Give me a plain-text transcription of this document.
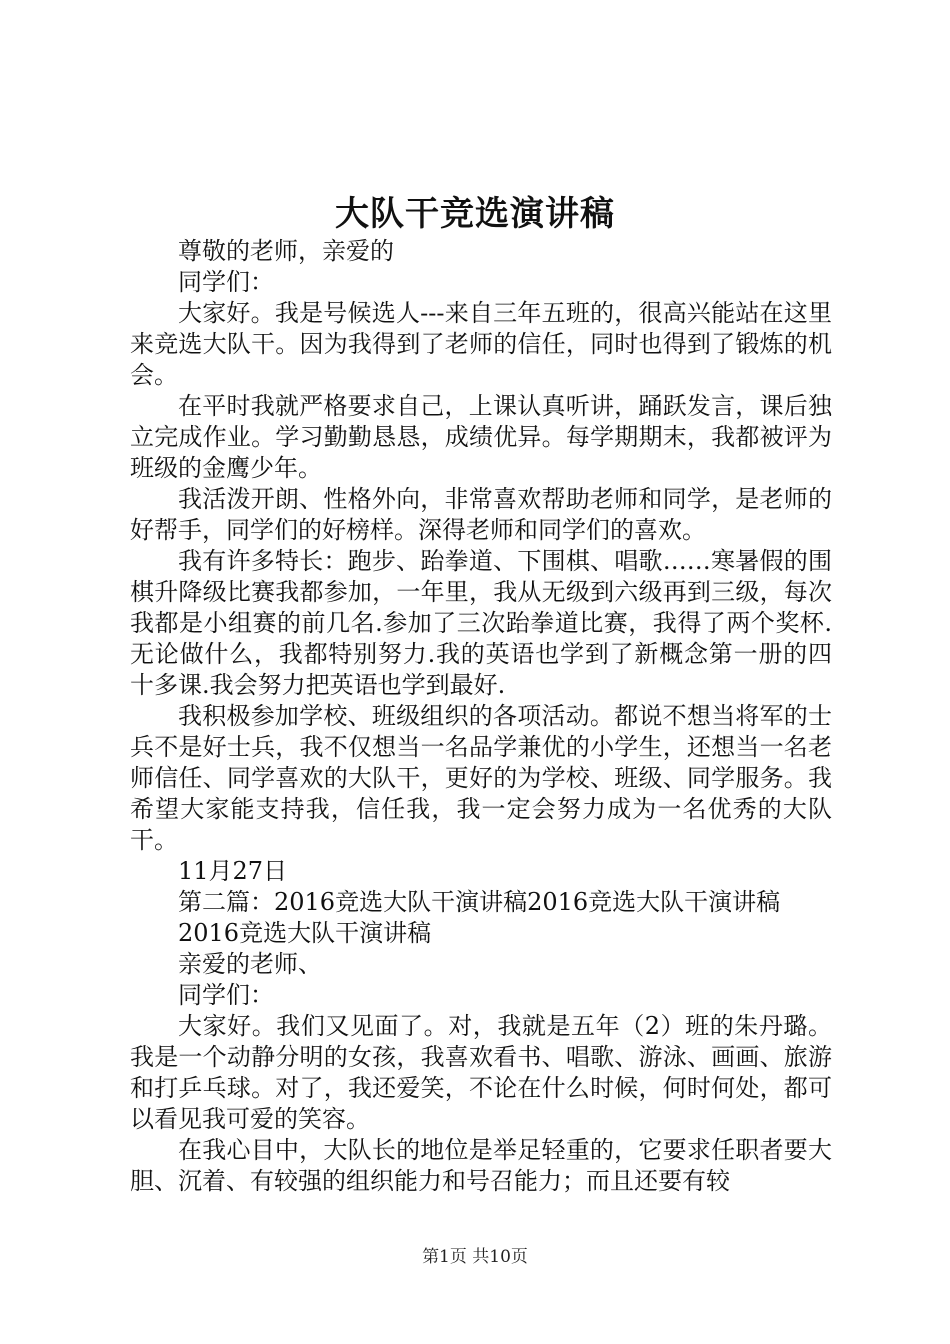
大队干竞选演讲稿

尊敬的老师，亲爱的

同学们：

大家好。我是号候选人---来自三年五班的，很高兴能站在这里来竞选大队干。因为我得到了老师的信任，同时也得到了锻炼的机会。

在平时我就严格要求自己，上课认真听讲，踊跃发言，课后独立完成作业。学习勤勤恳恳，成绩优异。每学期期末，我都被评为班级的金鹰少年。

我活泼开朗、性格外向，非常喜欢帮助老师和同学，是老师的好帮手，同学们的好榜样。深得老师和同学们的喜欢。

我有许多特长：跑步、跆拳道、下围棋、唱歌……寒暑假的围棋升降级比赛我都参加，一年里，我从无级到六级再到三级，每次我都是小组赛的前几名.参加了三次跆拳道比赛，我得了两个奖杯.无论做什么，我都特别努力.我的英语也学到了新概念第一册的四十多课.我会努力把英语也学到最好.

我积极参加学校、班级组织的各项活动。都说不想当将军的士兵不是好士兵，我不仅想当一名品学兼优的小学生，还想当一名老师信任、同学喜欢的大队干，更好的为学校、班级、同学服务。我希望大家能支持我，信任我，我一定会努力成为一名优秀的大队干。

11月27日

第二篇：2016竞选大队干演讲稿2016竞选大队干演讲稿

2016竞选大队干演讲稿

亲爱的老师、

同学们：

大家好。我们又见面了。对，我就是五年（2）班的朱丹璐。我是一个动静分明的女孩，我喜欢看书、唱歌、游泳、画画、旅游和打乒乓球。对了，我还爱笑，不论在什么时候，何时何处，都可以看见我可爱的笑容。

在我心目中，大队长的地位是举足轻重的，它要求任职者要大胆、沉着、有较强的组织能力和号召能力；而且还要有较

第1页 共10页
